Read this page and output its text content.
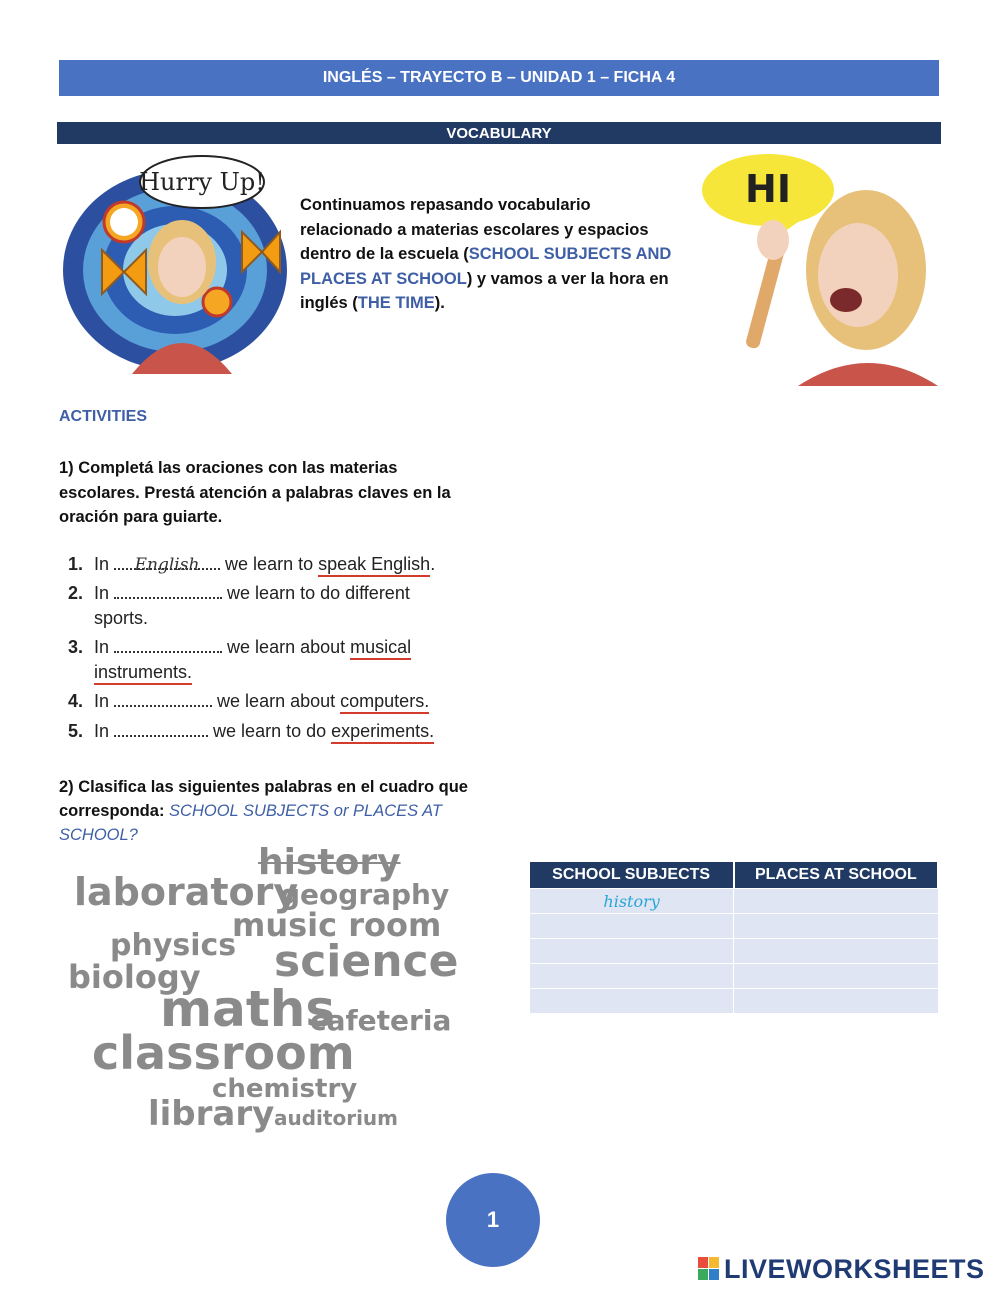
INGLÉS – TRAYECTO B – UNIDAD 1 – FICHA 4
VOCABULARY
Hurry Up!
Continuamos repasando vocabulario relacionado a materias escolares y espacios dentro de la escuela (SCHOOL SUBJECTS AND PLACES AT SCHOOL) y vamos a ver la hora en inglés (THE TIME).
HI
ACTIVITIES
1) Completá las oraciones con las materias escolares. Prestá atención a palabras claves en la oración para guiarte.
1. In English we learn to speak English.
2. In	we learn to do different
sports.
3. In	we learn about musical
instruments.
4. In	we learn about computers.
5. In	we learn to do experiments.
2) Clasifica las siguientes palabras en el cuadro que corresponda: SCHOOL SUBJECTS or PLACES AT SCHOOL?
history
laboratory
geography
music room
physics science
biology
maths
cafeteria
classroom
chemistry
library auditorium
SCHOOL SUBJECTS	PLACES AT SCHOOL
history	

1
LIVEWORKSHEETS
